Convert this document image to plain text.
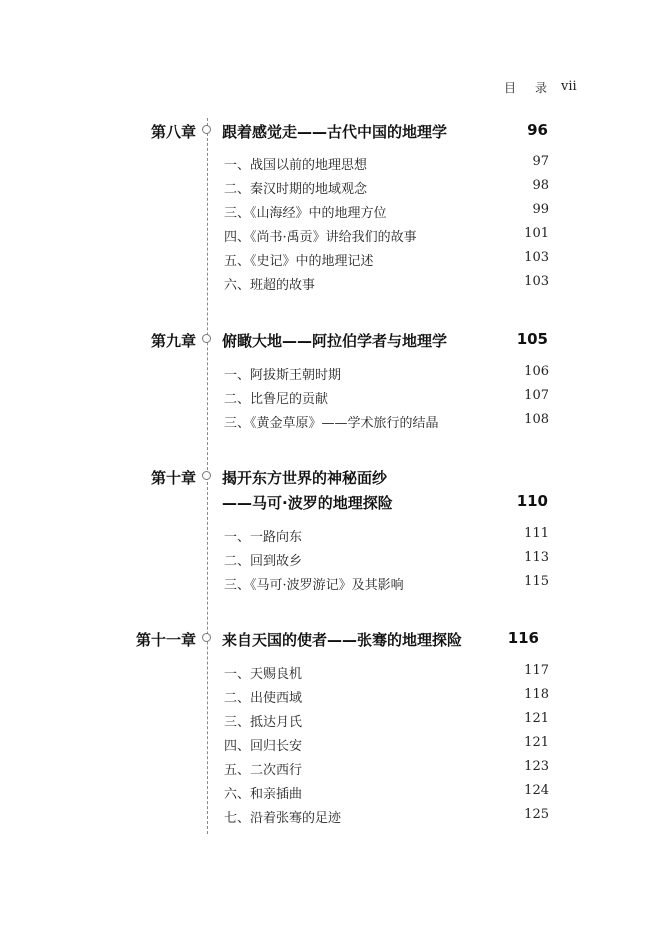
目 录 vii
第八章 跟着感觉走——古代中国的地理学	96
一、战国以前的地理思想	97
二、秦汉时期的地域观念	98
三、《山海经》中的地理方位	99
四、《尚书·禹贡》讲给我们的故事	101
五、《史记》中的地理记述	103
六、班超的故事	103
第九章 俯瞰大地——阿拉伯学者与地理学	105
一、阿拔斯王朝时期	106
二、比鲁尼的贡献	107
三、《黄金草原》——学术旅行的结晶	108
第十章 揭开东方世界的神秘面纱
——马可·波罗的地理探险	110
一、一路向东	111
二、回到故乡	113
三、《马可·波罗游记》及其影响	115
第十一章 来自天国的使者——张骞的地理探险	116
一、天赐良机	117
二、出使西域	118
三、抵达月氏	121
四、回归长安	121
五、二次西行	123
六、和亲插曲	124
七、沿着张骞的足迹	125
